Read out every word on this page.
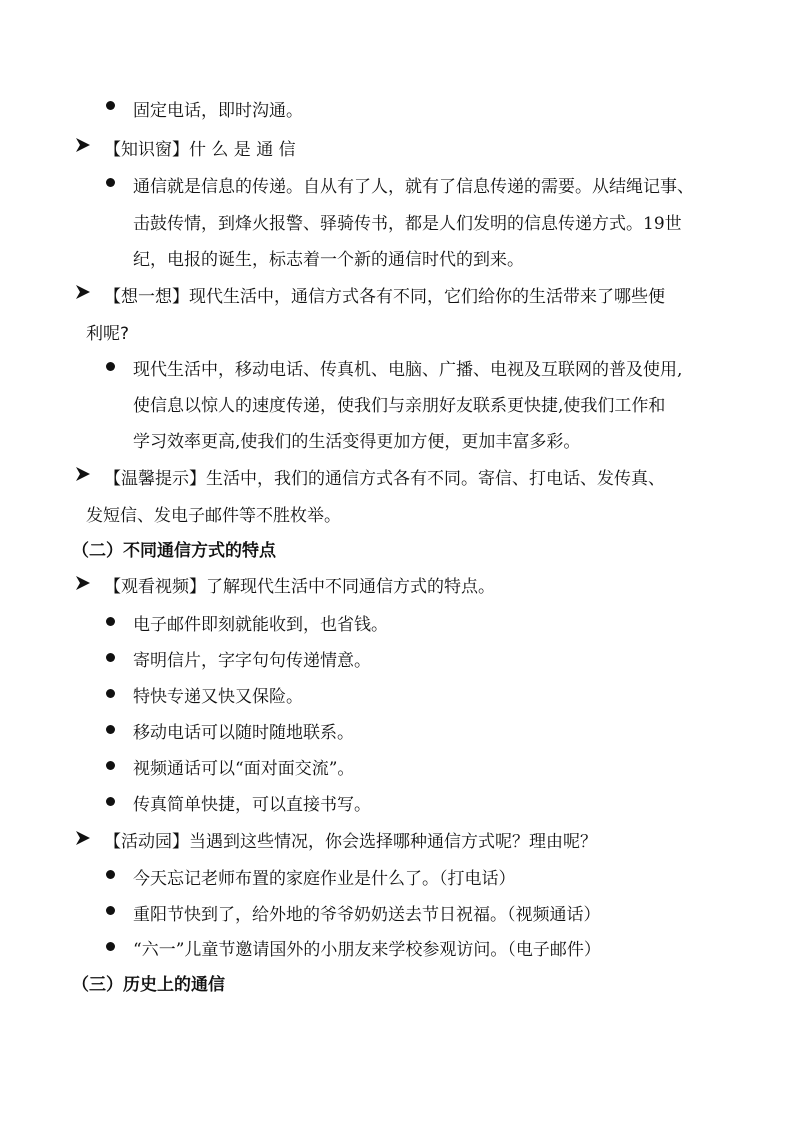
固定电话，即时沟通。
【知识窗】什 么 是 通 信
通信就是信息的传递。自从有了人，就有了信息传递的需要。从结绳记事、
击鼓传情，到烽火报警、驿骑传书，都是人们发明的信息传递方式。19世
纪，电报的诞生，标志着一个新的通信时代的到来。
【想一想】现代生活中，通信方式各有不同，它们给你的生活带来了哪些便
利呢?
现代生活中，移动电话、传真机、电脑、广播、电视及互联网的普及使用,
使信息以惊人的速度传递，使我们与亲朋好友联系更快捷,使我们工作和
学习效率更高,使我们的生活变得更加方便，更加丰富多彩。
【温馨提示】生活中，我们的通信方式各有不同。寄信、打电话、发传真、
发短信、发电子邮件等不胜枚举。
（二）不同通信方式的特点
【观看视频】了解现代生活中不同通信方式的特点。
电子邮件即刻就能收到，也省钱。
寄明信片，字字句句传递情意。
特快专递又快又保险。
移动电话可以随时随地联系。
视频通话可以“面对面交流”。
传真简单快捷，可以直接书写。
【活动园】当遇到这些情况，你会选择哪种通信方式呢？理由呢？
今天忘记老师布置的家庭作业是什么了。（打电话）
重阳节快到了，给外地的爷爷奶奶送去节日祝福。（视频通话）
“六一”儿童节邀请国外的小朋友来学校参观访问。（电子邮件）
（三）历史上的通信
